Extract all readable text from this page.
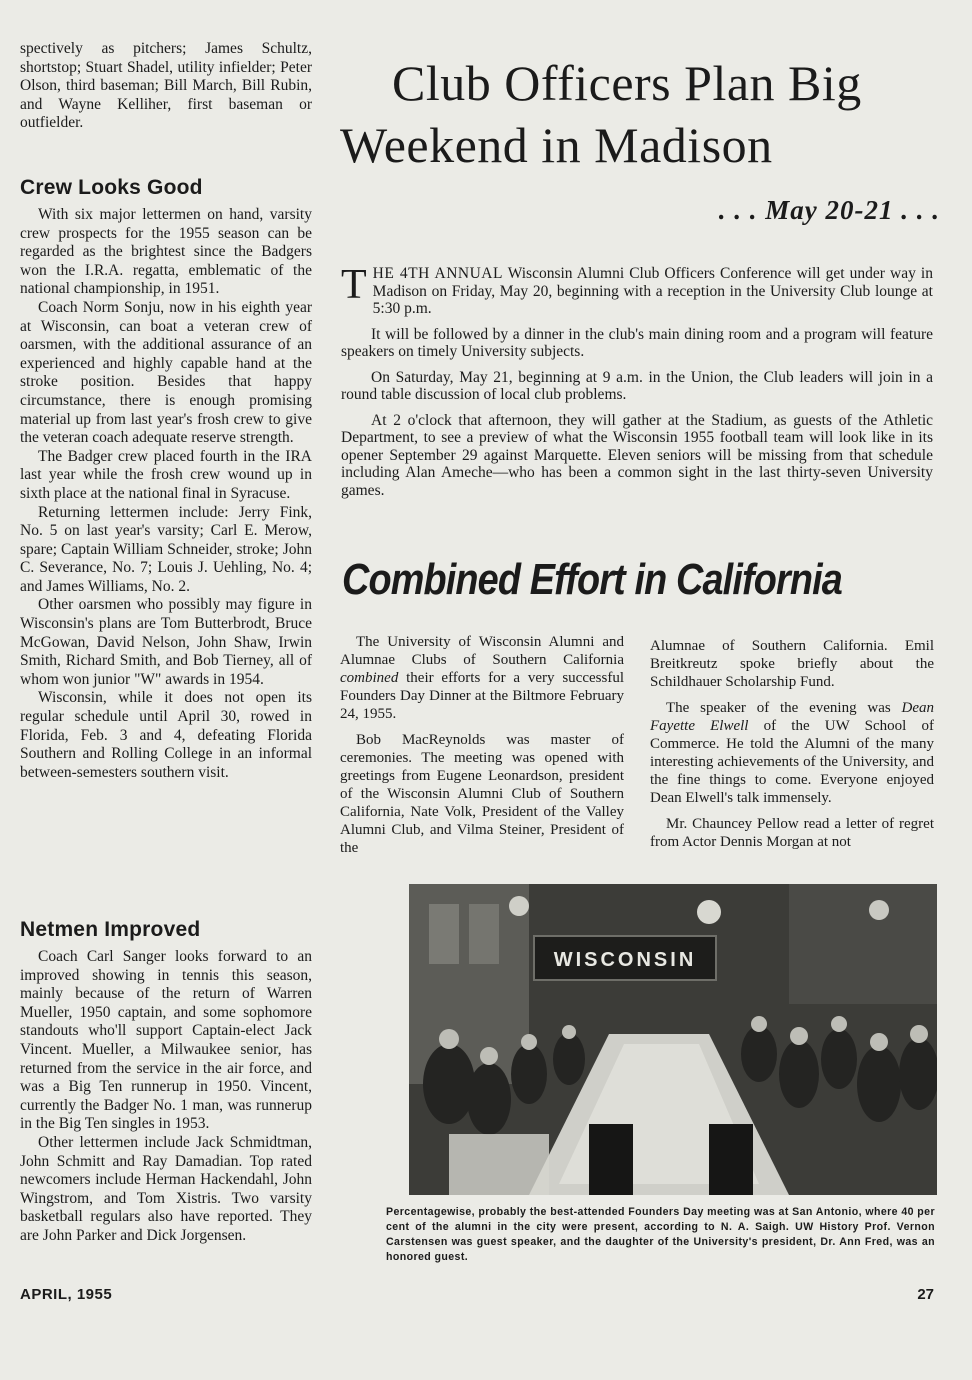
spectively as pitchers; James Schultz, shortstop; Stuart Shadel, utility infielder; Peter Olson, third baseman; Bill March, Bill Rubin, and Wayne Kelliher, first baseman or outfielder.

Crew Looks Good

With six major lettermen on hand, varsity crew prospects for the 1955 season can be regarded as the brightest since the Badgers won the I.R.A. regatta, emblematic of the national championship, in 1951.

Coach Norm Sonju, now in his eighth year at Wisconsin, can boat a veteran crew of oarsmen, with the additional assurance of an experienced and highly capable hand at the stroke position. Besides that happy circumstance, there is enough promising material up from last year's frosh crew to give the veteran coach adequate reserve strength.

The Badger crew placed fourth in the IRA last year while the frosh crew wound up in sixth place at the national final in Syracuse.

Returning lettermen include: Jerry Fink, No. 5 on last year's varsity; Carl E. Merow, spare; Captain William Schneider, stroke; John C. Severance, No. 7; Louis J. Uehling, No. 4; and James Williams, No. 2.

Other oarsmen who possibly may figure in Wisconsin's plans are Tom Butterbrodt, Bruce McGowan, David Nelson, John Shaw, Irwin Smith, Richard Smith, and Bob Tierney, all of whom won junior "W" awards in 1954.

Wisconsin, while it does not open its regular schedule until April 30, rowed in Florida, Feb. 3 and 4, defeating Florida Southern and Rolling College in an informal between-semesters southern visit.

Netmen Improved

Coach Carl Sanger looks forward to an improved showing in tennis this season, mainly because of the return of Warren Mueller, 1950 captain, and some sophomore standouts who'll support Captain-elect Jack Vincent. Mueller, a Milwaukee senior, has returned from the service in the air force, and was a Big Ten runnerup in 1950. Vincent, currently the Badger No. 1 man, was runnerup in the Big Ten singles in 1953.

Other lettermen include Jack Schmidtman, John Schmitt and Ray Damadian. Top rated newcomers include Herman Hackendahl, John Wingstrom, and Tom Xistris. Two varsity basketball regulars also have reported. They are John Parker and Dick Jorgensen.

Club Officers Plan Big
Weekend in Madison
. . . May 20-21 . . .

THE 4TH ANNUAL Wisconsin Alumni Club Officers Conference will get under way in Madison on Friday, May 20, beginning with a reception in the University Club lounge at 5:30 p.m.

It will be followed by a dinner in the club's main dining room and a program will feature speakers on timely University subjects.

On Saturday, May 21, beginning at 9 a.m. in the Union, the Club leaders will join in a round table discussion of local club problems.

At 2 o'clock that afternoon, they will gather at the Stadium, as guests of the Athletic Department, to see a preview of what the Wisconsin 1955 football team will look like in its opener September 29 against Marquette. Eleven seniors will be missing from that schedule including Alan Ameche—who has been a common sight in the last thirty-seven University games.

Combined Effort in California

The University of Wisconsin Alumni and Alumnae Clubs of Southern California combined their efforts for a very successful Founders Day Dinner at the Biltmore February 24, 1955.

Bob MacReynolds was master of ceremonies. The meeting was opened with greetings from Eugene Leonardson, president of the Wisconsin Alumni Club of Southern California, Nate Volk, President of the Valley Alumni Club, and Vilma Steiner, President of the

Alumnae of Southern California. Emil Breitkreutz spoke briefly about the Schildhauer Scholarship Fund.

The speaker of the evening was Dean Fayette Elwell of the UW School of Commerce. He told the Alumni of the many interesting achievements of the University, and the fine things to come. Everyone enjoyed Dean Elwell's talk immensely.

Mr. Chauncey Pellow read a letter of regret from Actor Dennis Morgan at not

WISCONSIN
Percentagewise, probably the best-attended Founders Day meeting was at San Antonio, where 40 per cent of the alumni in the city were present, according to N. A. Saigh. UW History Prof. Vernon Carstensen was guest speaker, and the daughter of the University's president, Dr. Ann Fred, was an honored guest.
APRIL, 1955	27
